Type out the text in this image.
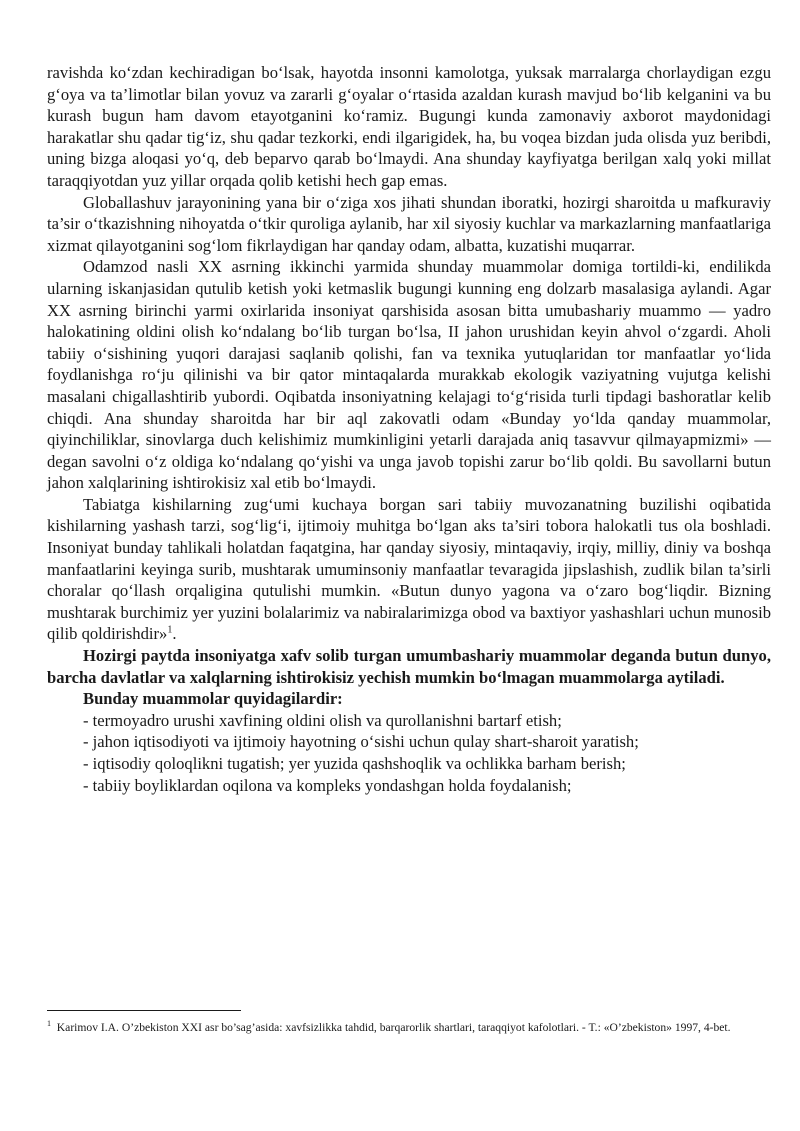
ravishda ko‘zdan kechiradigan bo‘lsak, hayotda insonni kamolotga, yuksak marralarga chorlaydigan ezgu g‘oya va ta’limotlar bilan yovuz va zararli g‘oyalar o‘rtasida azaldan kurash mavjud bo‘lib kelganini va bu kurash bugun ham davom etayotganini ko‘ramiz. Bugungi kunda zamonaviy axborot maydonidagi harakatlar shu qadar tig‘iz, shu qadar tezkorki, endi ilgarigidek, ha, bu voqea bizdan juda olisda yuz beribdi, uning bizga aloqasi yo‘q, deb beparvo qarab bo‘lmaydi. Ana shunday kayfiyatga berilgan xalq yoki millat taraqqiyotdan yuz yillar orqada qolib ketishi hech gap emas.

Globallashuv jarayonining yana bir o‘ziga xos jihati shundan iboratki, hozirgi sharoitda u mafkuraviy ta’sir o‘tkazishning nihoyatda o‘tkir quroliga aylanib, har xil siyosiy kuchlar va markazlarning manfaatlariga xizmat qilayotganini sog‘lom fikrlaydigan har qanday odam, albatta, kuzatishi muqarrar.

Odamzod nasli XX asrning ikkinchi yarmida shunday muammolar domiga tortildi-ki, endilikda ularning iskanjasidan qutulib ketish yoki ketmaslik bugungi kunning eng dolzarb masalasiga aylandi. Agar XX asrning birinchi yarmi oxirlarida insoniyat qarshisida asosan bitta umubashariy muammo — yadro halokatining oldini olish ko‘ndalang bo‘lib turgan bo‘lsa, II jahon urushidan keyin ahvol o‘zgardi. Aholi tabiiy o‘sishining yuqori darajasi saqlanib qolishi, fan va texnika yutuqlaridan tor manfaatlar yo‘lida foydlanishga ro‘ju qilinishi va bir qator mintaqalarda murakkab ekologik vaziyatning vujutga kelishi masalani chigallashtirib yubordi. Oqibatda insoniyatning kelajagi to‘g‘risida turli tipdagi bashoratlar kelib chiqdi. Ana shunday sharoitda har bir aql zakovatli odam «Bunday yo‘lda qanday muammolar, qiyinchiliklar, sinovlarga duch kelishimiz mumkinligini yetarli darajada aniq tasavvur qilmayapmizmi» — degan savolni o‘z oldiga ko‘ndalang qo‘yishi va unga javob topishi zarur bo‘lib qoldi. Bu savollarni butun jahon xalqlarining ishtirokisiz xal etib bo‘lmaydi.

Tabiatga kishilarning zug‘umi kuchaya borgan sari tabiiy muvozanatning buzilishi oqibatida kishilarning yashash tarzi, sog‘lig‘i, ijtimoiy muhitga bo‘lgan aks ta’siri tobora halokatli tus ola boshladi. Insoniyat bunday tahlikali holatdan faqatgina, har qanday siyosiy, mintaqaviy, irqiy, milliy, diniy va boshqa manfaatlarini keyinga surib, mushtarak umuminsoniy manfaatlar tevaragida jipslashish, zudlik bilan ta’sirli choralar qo‘llash orqaligina qutulishi mumkin. «Butun dunyo yagona va o‘zaro bog‘liqdir. Bizning mushtarak burchimiz yer yuzini bolalarimiz va nabiralarimizga obod va baxtiyor yashashlari uchun munosib qilib qoldirishdir»$^1$.

Hozirgi paytda insoniyatga xafv solib turgan umumbashariy muammolar deganda butun dunyo, barcha davlatlar va xalqlarning ishtirokisiz yechish mumkin bo‘lmagan muammolarga aytiladi.

Bunday muammolar quyidagilardir:

- termoyadro urushi xavfining oldini olish va qurollanishni bartarf etish;
- jahon iqtisodiyoti va ijtimoiy hayotning o‘sishi uchun qulay shart-sharoit yaratish;
- iqtisodiy qoloqlikni tugatish; yer yuzida qashshoqlik va ochlikka barham berish;
- tabiiy boyliklardan oqilona va kompleks yondashgan holda foydalanish;

$^1$ Karimov I.A. O’zbekiston XXI asr bo’sag’asida: xavfsizlikka tahdid, barqarorlik shartlari, taraqqiyot kafolotlari. - T.: «O’zbekiston» 1997, 4-bet.
